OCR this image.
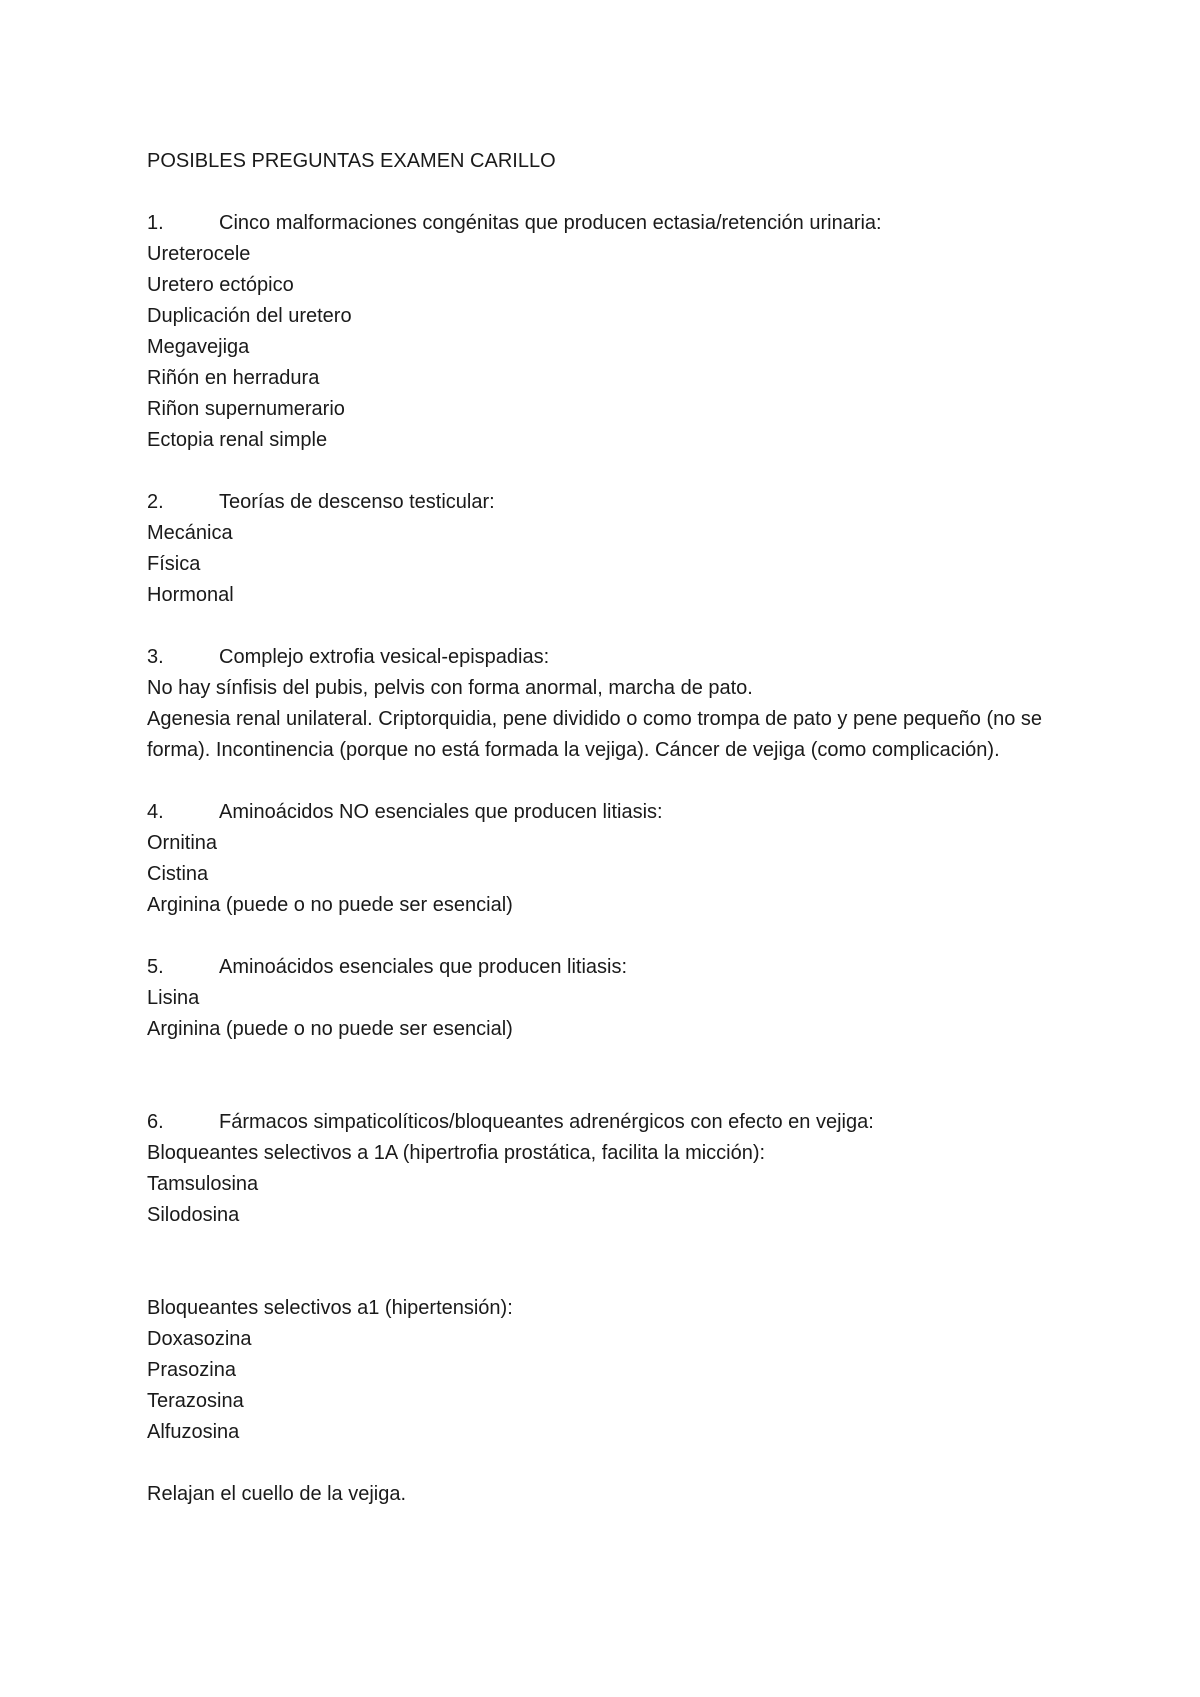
POSIBLES PREGUNTAS EXAMEN CARILLO
1.	Cinco malformaciones congénitas que producen ectasia/retención urinaria:
Ureterocele
Uretero ectópico
Duplicación del uretero
Megavejiga
Riñón en herradura
Riñon supernumerario
Ectopia renal simple
2.	Teorías de descenso testicular:
Mecánica
Física
Hormonal
3.	Complejo extrofia vesical-epispadias:
No hay sínfisis del pubis, pelvis con forma anormal, marcha de pato.
Agenesia renal unilateral. Criptorquidia, pene dividido o como trompa de pato y pene pequeño (no se forma). Incontinencia (porque no está formada la vejiga). Cáncer de vejiga (como complicación).
4.	Aminoácidos NO esenciales que producen litiasis:
Ornitina
Cistina
Arginina (puede o no puede ser esencial)
5.	Aminoácidos esenciales que producen litiasis:
Lisina
Arginina (puede o no puede ser esencial)
6.	Fármacos simpaticolíticos/bloqueantes adrenérgicos con efecto en vejiga:
Bloqueantes selectivos a 1A (hipertrofia prostática, facilita la micción):
Tamsulosina
Silodosina
Bloqueantes selectivos a1 (hipertensión):
Doxasozina
Prasozina
Terazosina
Alfuzosina
Relajan el cuello de la vejiga.
